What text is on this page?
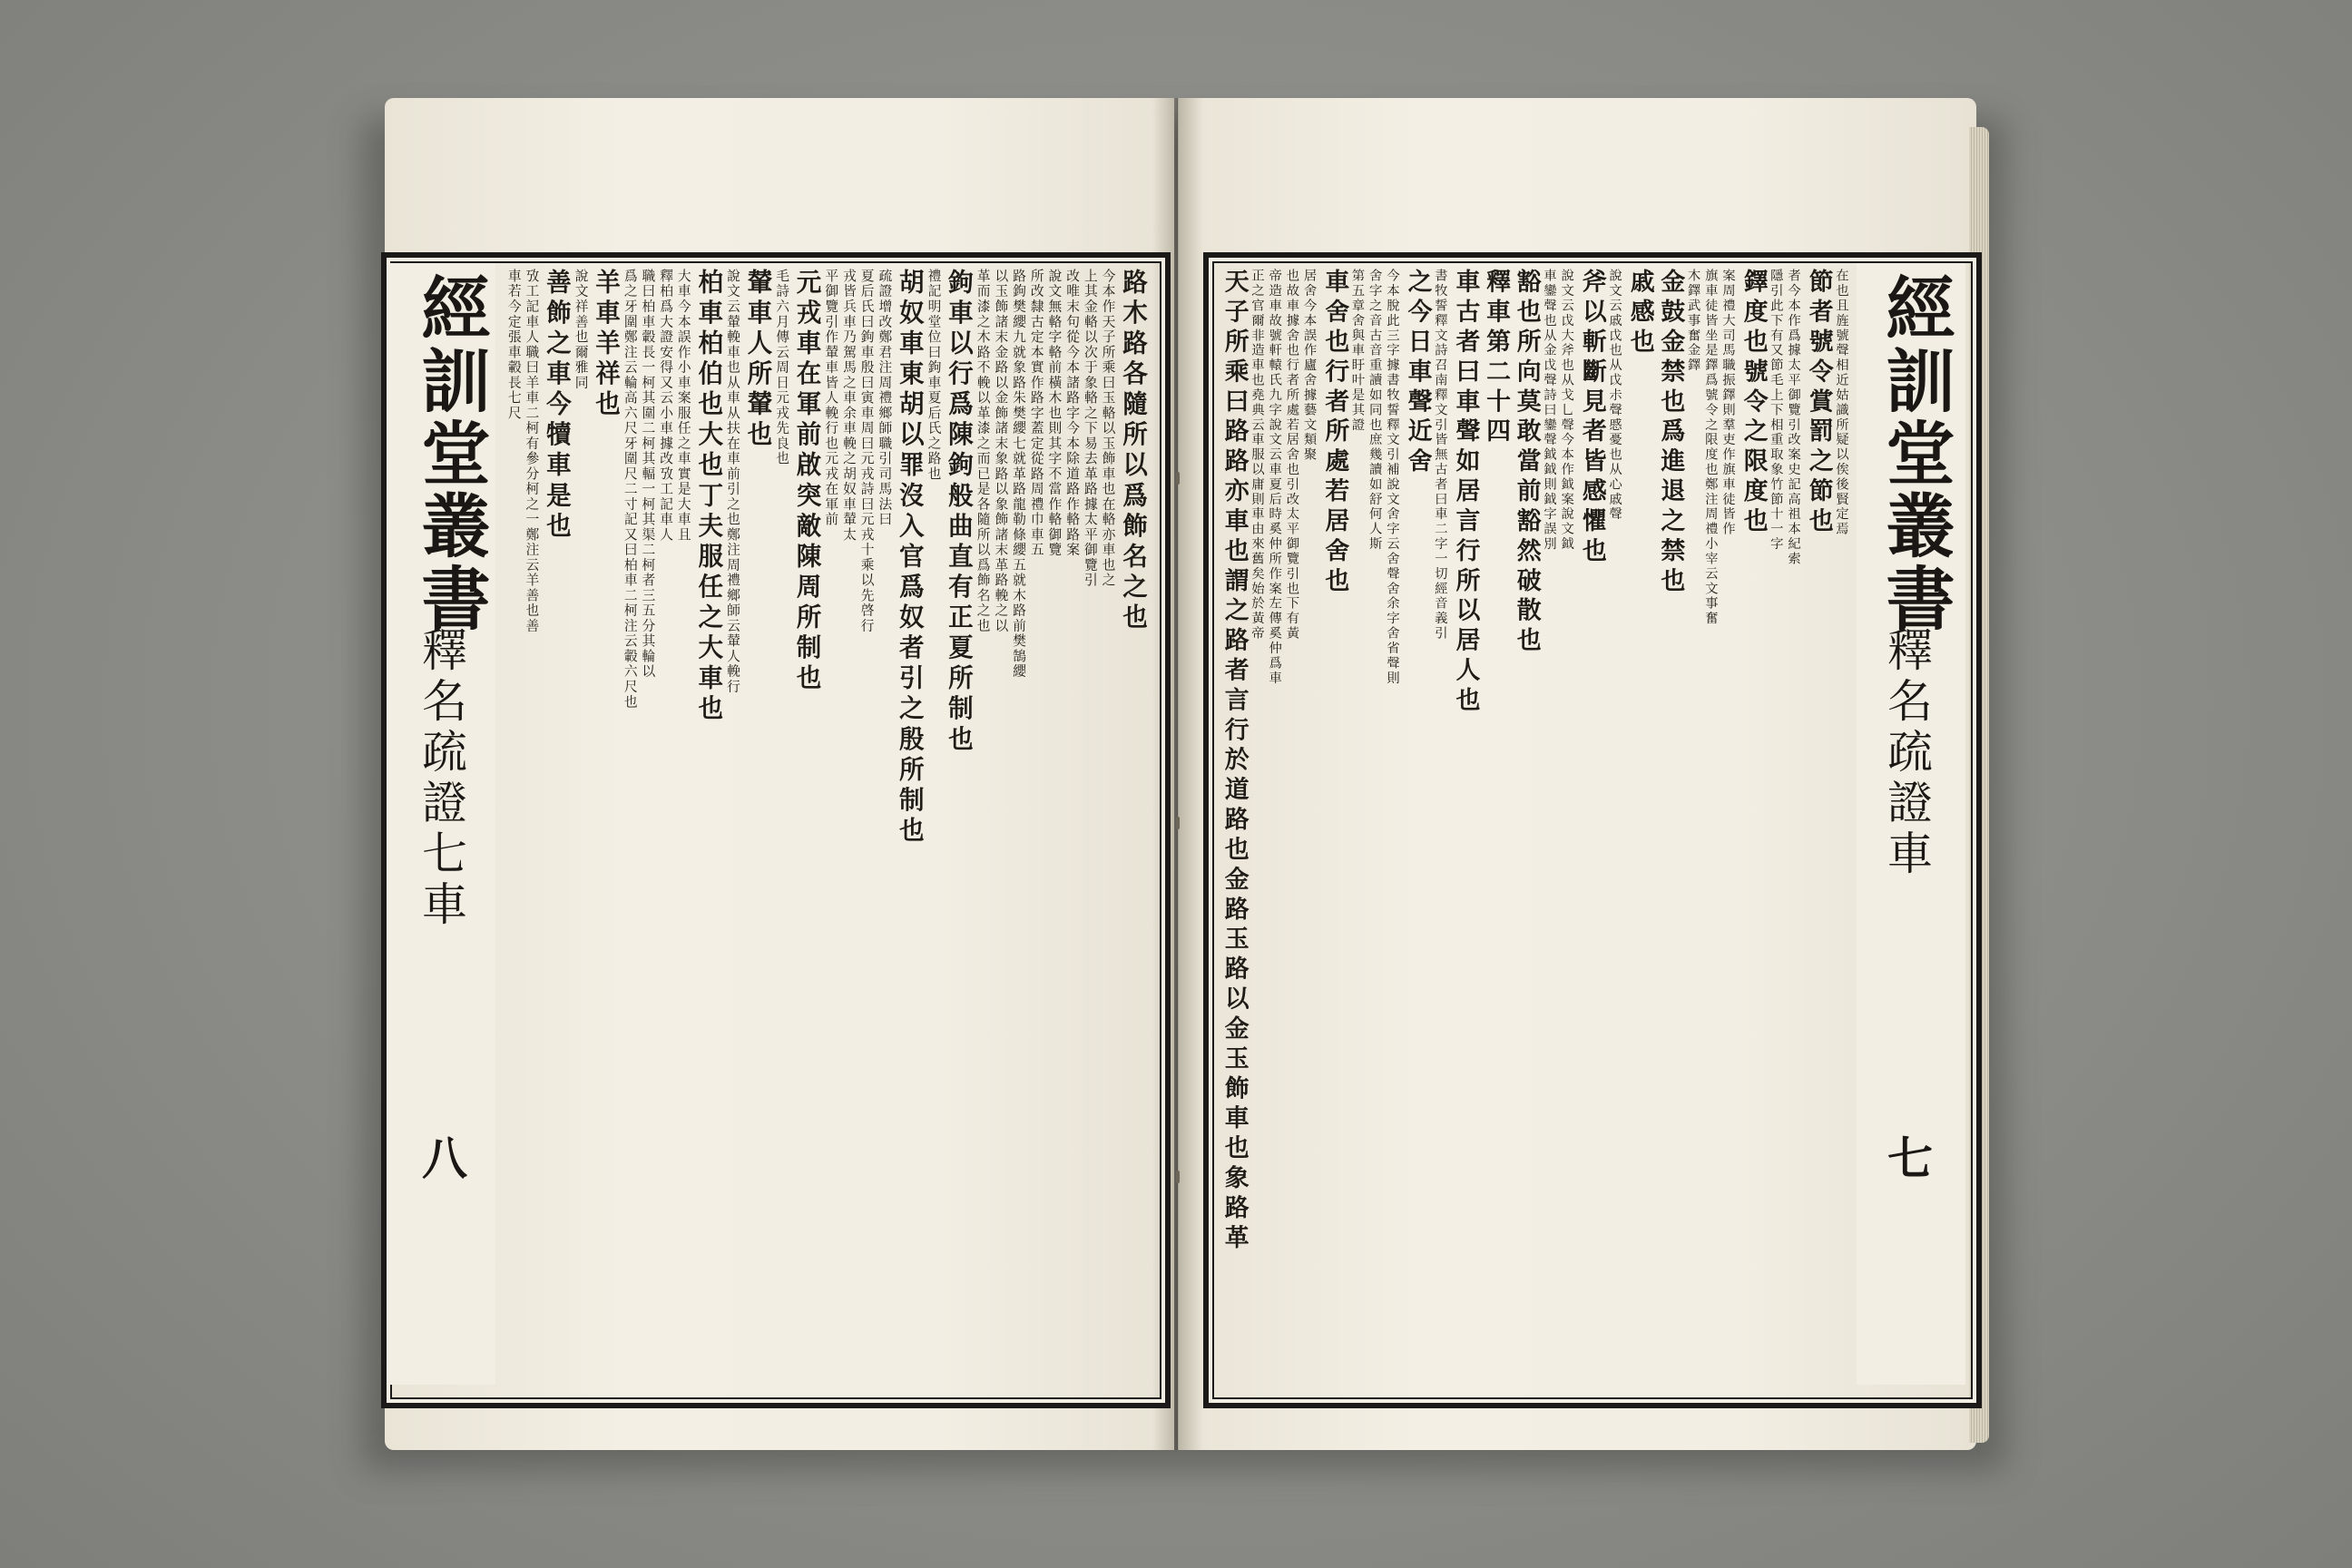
經訓堂叢書
釋名疏證七車
八
經訓堂叢書
釋名疏證車
七
路木路各隨所以爲飾名之也
今本作天子所乘曰玉輅以玉飾車也在輅亦車也之
上其金輅以次于象輅之下易去革路據太平御覽引
改唯末句從今本諸路字今本除道路作輅路案
說文無輅字輅前橫木也則其字不當作輅御覽
所改隸古定本實作路字蓋定從路周禮巾車五
路鉤樊纓九就象路朱樊纓七就革路龍勒條纓五就木路前樊鵠纓
以玉飾諸末金路以金飾諸末象路以象飾諸末革路輓之以
革而漆之木路不輓以革漆之而已是各隨所以爲飾名之也
鉤車以行爲陳鉤般曲直有正夏所制也
禮記明堂位曰鉤車夏后氏之路也
胡奴車東胡以罪沒入官爲奴者引之殷所制也
疏證增改鄭君注周禮鄉師職引司馬法曰
夏后氏曰鉤車殷曰寅車周曰元戎詩曰元戎十乘以先啓行
戎皆兵車乃駕馬之車余車輓之胡奴車輦太
平御覽引作輦車皆人輓行也元戎在軍前
元戎車在軍前啟突敵陳周所制也
毛詩六月傳云周日元戎先良也
輦車人所輦也
說文云輦輓車也从車从扶在車前引之也鄭注周禮鄉師云輦人輓行
柏車柏伯也大也丁夫服任之大車也
大車今本誤作小車案服任之車實是大車且
釋柏爲大證安得又云小車據改攷工記車人
職曰柏車轂長一柯其圍二柯其輻一柯其渠二柯者三五分其輪以
爲之牙圍鄭注云輪高六尺牙圍尺二寸記又曰柏車二柯注云轂六尺也
羊車羊祥也
說文祥善也爾雅同
善飾之車今犢車是也
攷工記車人職曰羊車二柯有參分柯之一鄭注云羊善也善
車若今定張車轂長七尺	在也且旌號聲相近姑識所疑以俟後賢定焉
節者號令賞罰之節也
者今本作爲據太平御覽引改案史記高祖本紀索
隱引此下有又節毛上下相重取象竹節十一字
鐸度也號令之限度也
案周禮大司馬職振鐸則羣吏作旗車徒皆作
旗車徒皆坐是鐸爲號令之限度也鄭注周禮小宰云文事奮
木鐸武事奮金鐸
金鼓金禁也爲進退之禁也
戚感也
說文云戚戉也从戉尗聲慼憂也从心戚聲
斧以斬斷見者皆感懼也
說文云戉大斧也从戈乚聲今本作鉞案說文鉞
車鑾聲也从金戉聲詩曰鑾聲鉞鉞則鉞字誤別
豁也所向莫敢當前豁然破散也
釋車第二十四
車古者曰車聲如居言行所以居人也
書牧誓釋文詩召南釋文引皆無古者曰車二字一切經音義引
之今日車聲近舍
今本脫此三字據書牧誓釋文引補說文舍字云舍聲舍余字舍省聲則
舍字之音古音重讀如同也庶幾讀如舒何人斯
第五章舍與車盱叶是其證
車舍也行者所處若居舍也
居舍今本誤作廬舍據藝文類聚
也故車據舍也行者所處若居舍也引改太平御覽引也下有黃
帝造車故號軒轅氏九字說文云車夏后時奚仲所作案左傳奚仲爲車
正之官爾非造車也堯典云車服以庸則車由來舊矣始於黃帝
天子所乘曰路路亦車也謂之路者言行於道路也金路玉路以金玉飾車也象路革
